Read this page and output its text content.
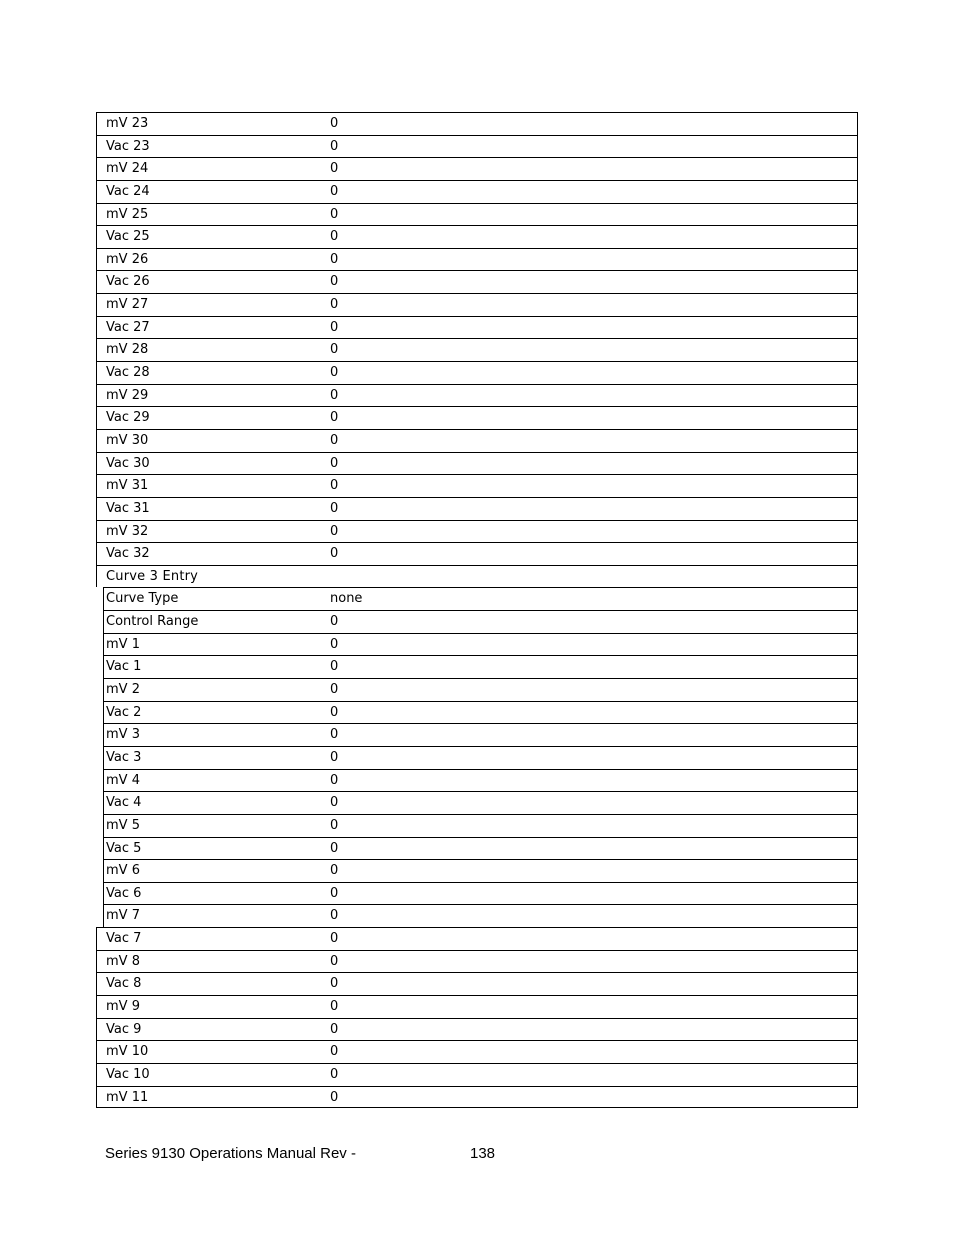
mV 23	0
Vac 23	0
mV 24	0
Vac 24	0
mV 25	0
Vac 25	0
mV 26	0
Vac 26	0
mV 27	0
Vac 27	0
mV 28	0
Vac 28	0
mV 29	0
Vac 29	0
mV 30	0
Vac 30	0
mV 31	0
Vac 31	0
mV 32	0
Vac 32	0
Curve 3 Entry
Curve Type	none
Control Range	0
mV 1	0
Vac 1	0
mV 2	0
Vac 2	0
mV 3	0
Vac 3	0
mV 4	0
Vac 4	0
mV 5	0
Vac 5	0
mV 6	0
Vac 6	0
mV 7	0
Vac 7	0
mV 8	0
Vac 8	0
mV 9	0
Vac 9	0
mV 10	0
Vac 10	0
mV 11	0
Series 9130 Operations Manual Rev -	138
